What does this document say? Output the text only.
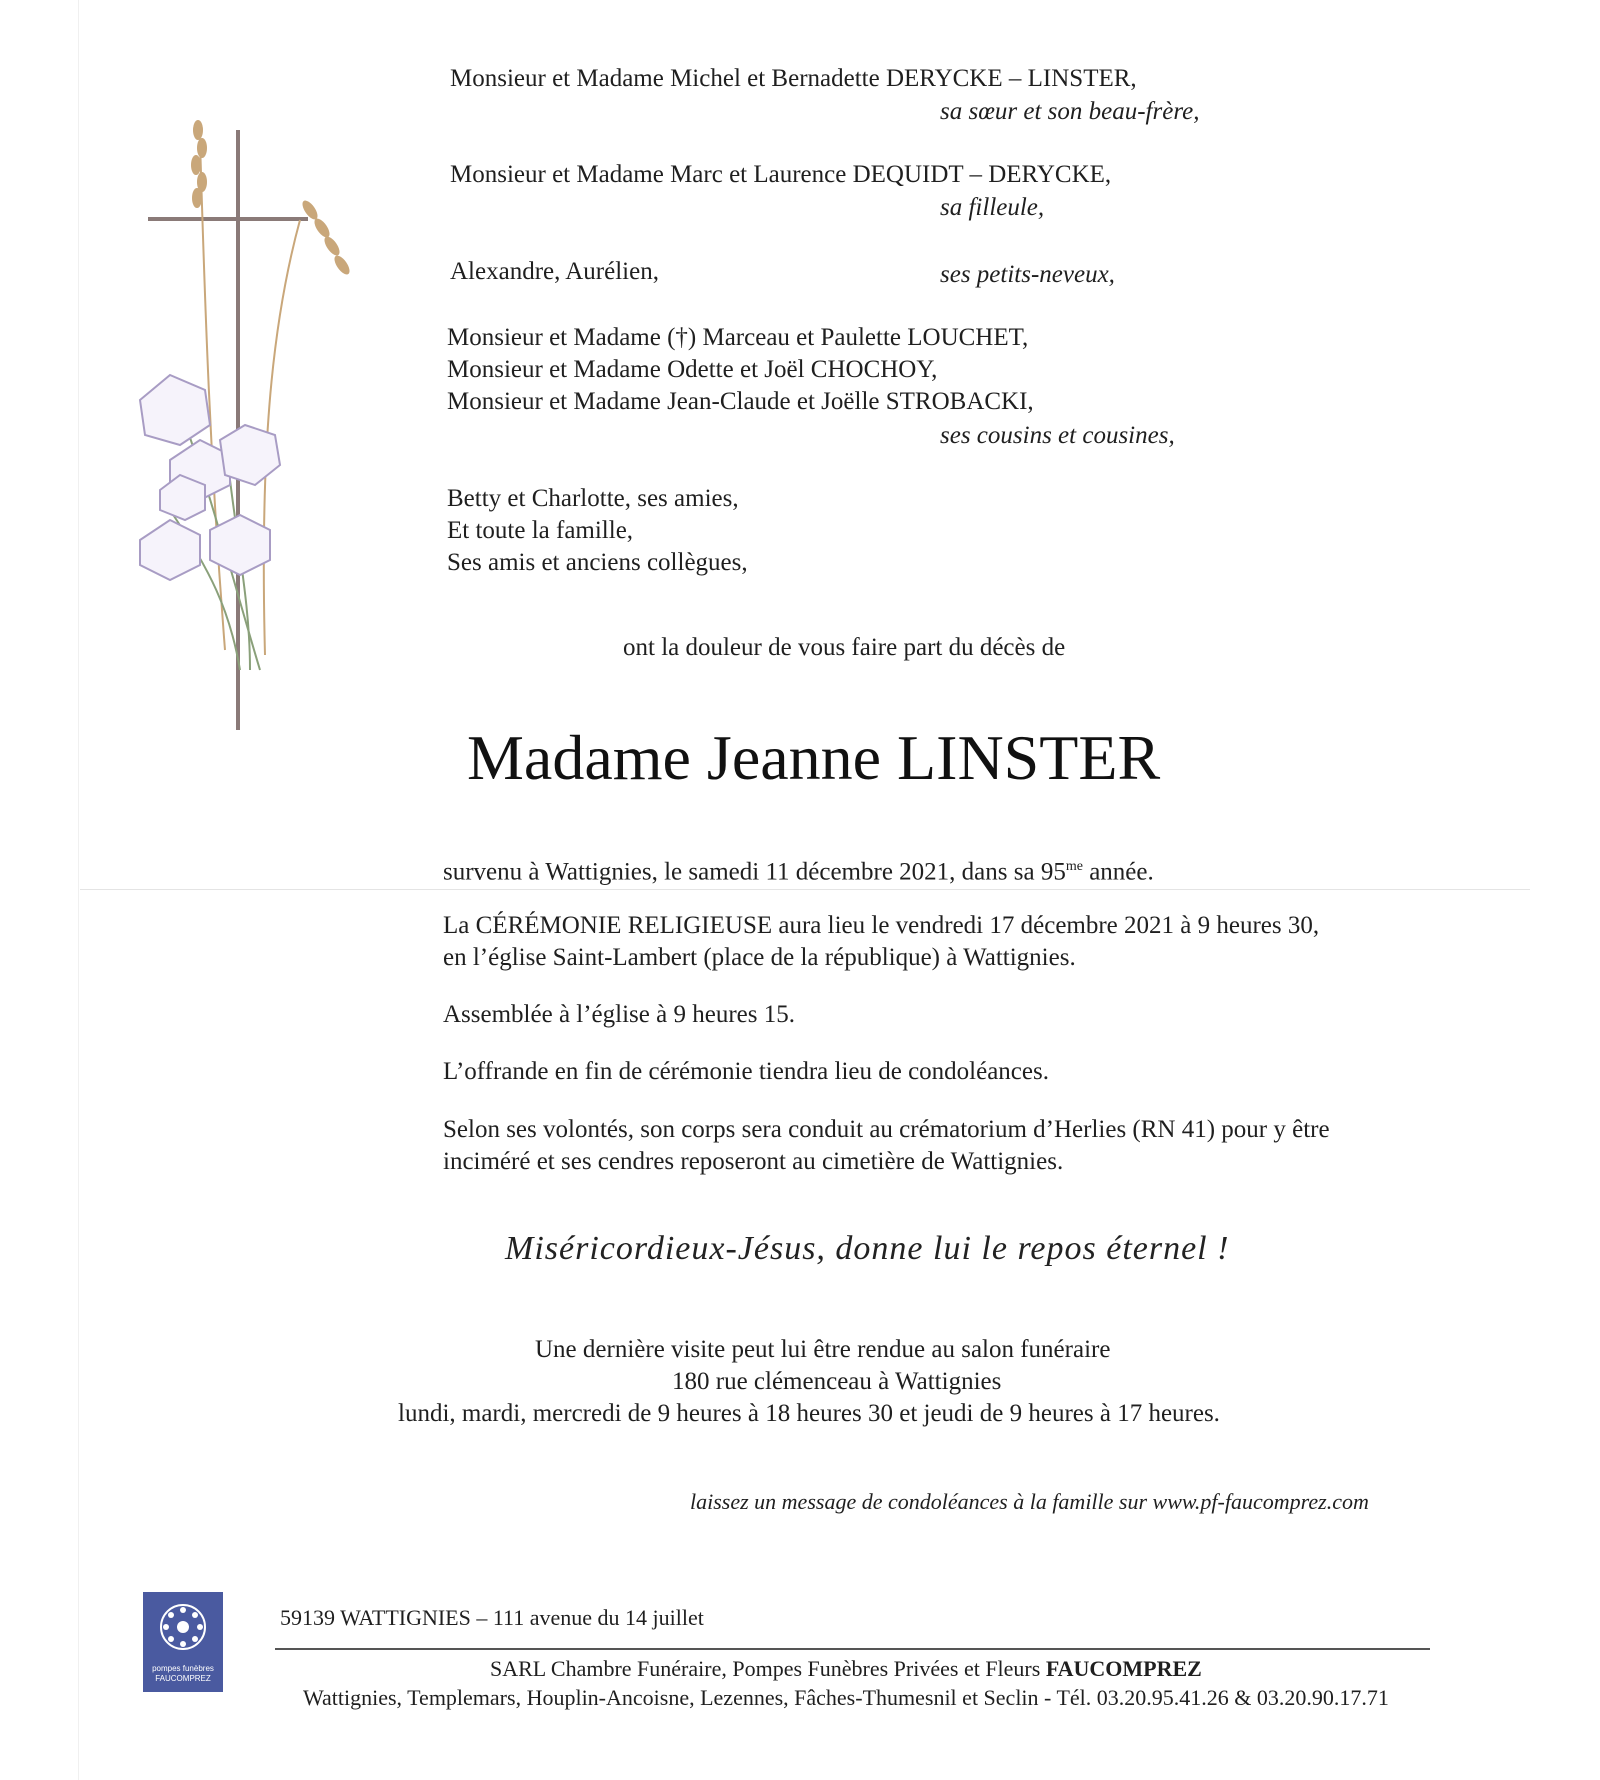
Monsieur et Madame Michel et Bernadette DERYCKE – LINSTER,
sa sœur et son beau-frère,
Monsieur et Madame Marc et Laurence DEQUIDT – DERYCKE,
sa filleule,
Alexandre, Aurélien,	ses petits-neveux,
Monsieur et Madame (†) Marceau et Paulette LOUCHET,
Monsieur et Madame Odette et Joël CHOCHOY,
Monsieur et Madame Jean-Claude et Joëlle STROBACKI,
ses cousins et cousines,
Betty et Charlotte, ses amies,
Et toute la famille,
Ses amis et anciens collègues,
ont la douleur de vous faire part du décès de
Madame Jeanne LINSTER
survenu à Wattignies, le samedi 11 décembre 2021, dans sa $95^{me}$ année.
La CÉRÉMONIE RELIGIEUSE aura lieu le vendredi 17 décembre 2021 à 9 heures 30,
en l’église Saint-Lambert (place de la république) à Wattignies.
Assemblée à l’église à 9 heures 15.
L’offrande en fin de cérémonie tiendra lieu de condoléances.
Selon ses volontés, son corps sera conduit au crématorium d’Herlies (RN 41) pour y être
inciméré et ses cendres reposeront au cimetière de Wattignies.
Miséricordieux-Jésus, donne lui le repos éternel !
Une dernière visite peut lui être rendue au salon funéraire
180 rue clémenceau à Wattignies
lundi, mardi, mercredi de 9 heures à 18 heures 30 et jeudi de 9 heures à 17 heures.
laissez un message de condoléances à la famille sur www.pf-faucomprez.com
pompes funèbres
FAUCOMPREZ
59139 WATTIGNIES – 111 avenue du 14 juillet
SARL Chambre Funéraire, Pompes Funèbres Privées et Fleurs FAUCOMPREZ
Wattignies, Templemars, Houplin-Ancoisne, Lezennes, Fâches-Thumesnil et Seclin - Tél. 03.20.95.41.26 & 03.20.90.17.71
